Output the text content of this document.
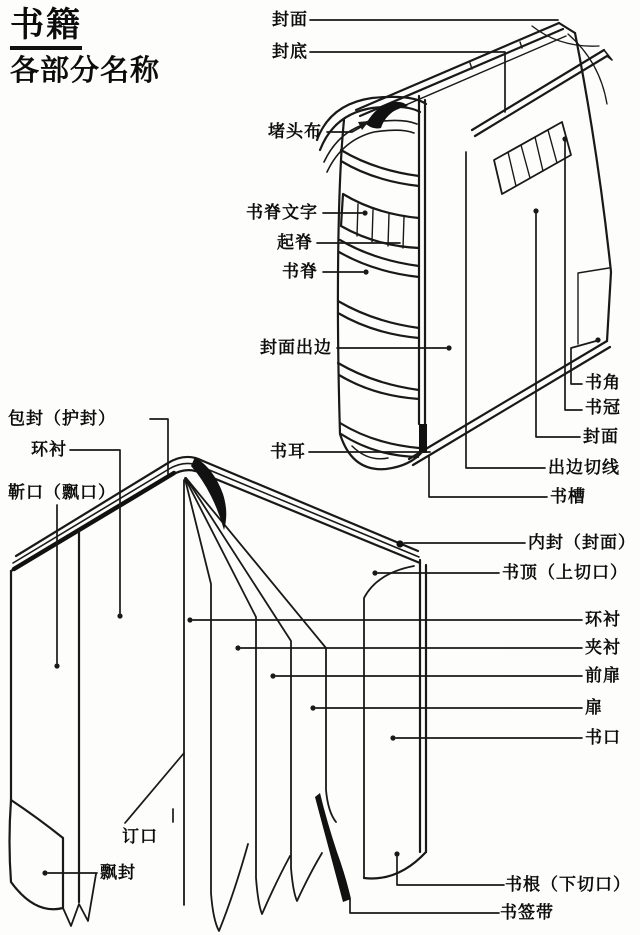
书籍
各部分名称
封面
封底
堵头布
书脊文字
起脊
书脊
封面出边
书耳
书角
书冠
封面
出边切线
书槽
包封（护封）
环衬
靳口（飘口）
订口
飘封
内封（封面）
书顶（上切口）
环衬
夹衬
前扉
扉
书口
书根（下切口）
书签带
